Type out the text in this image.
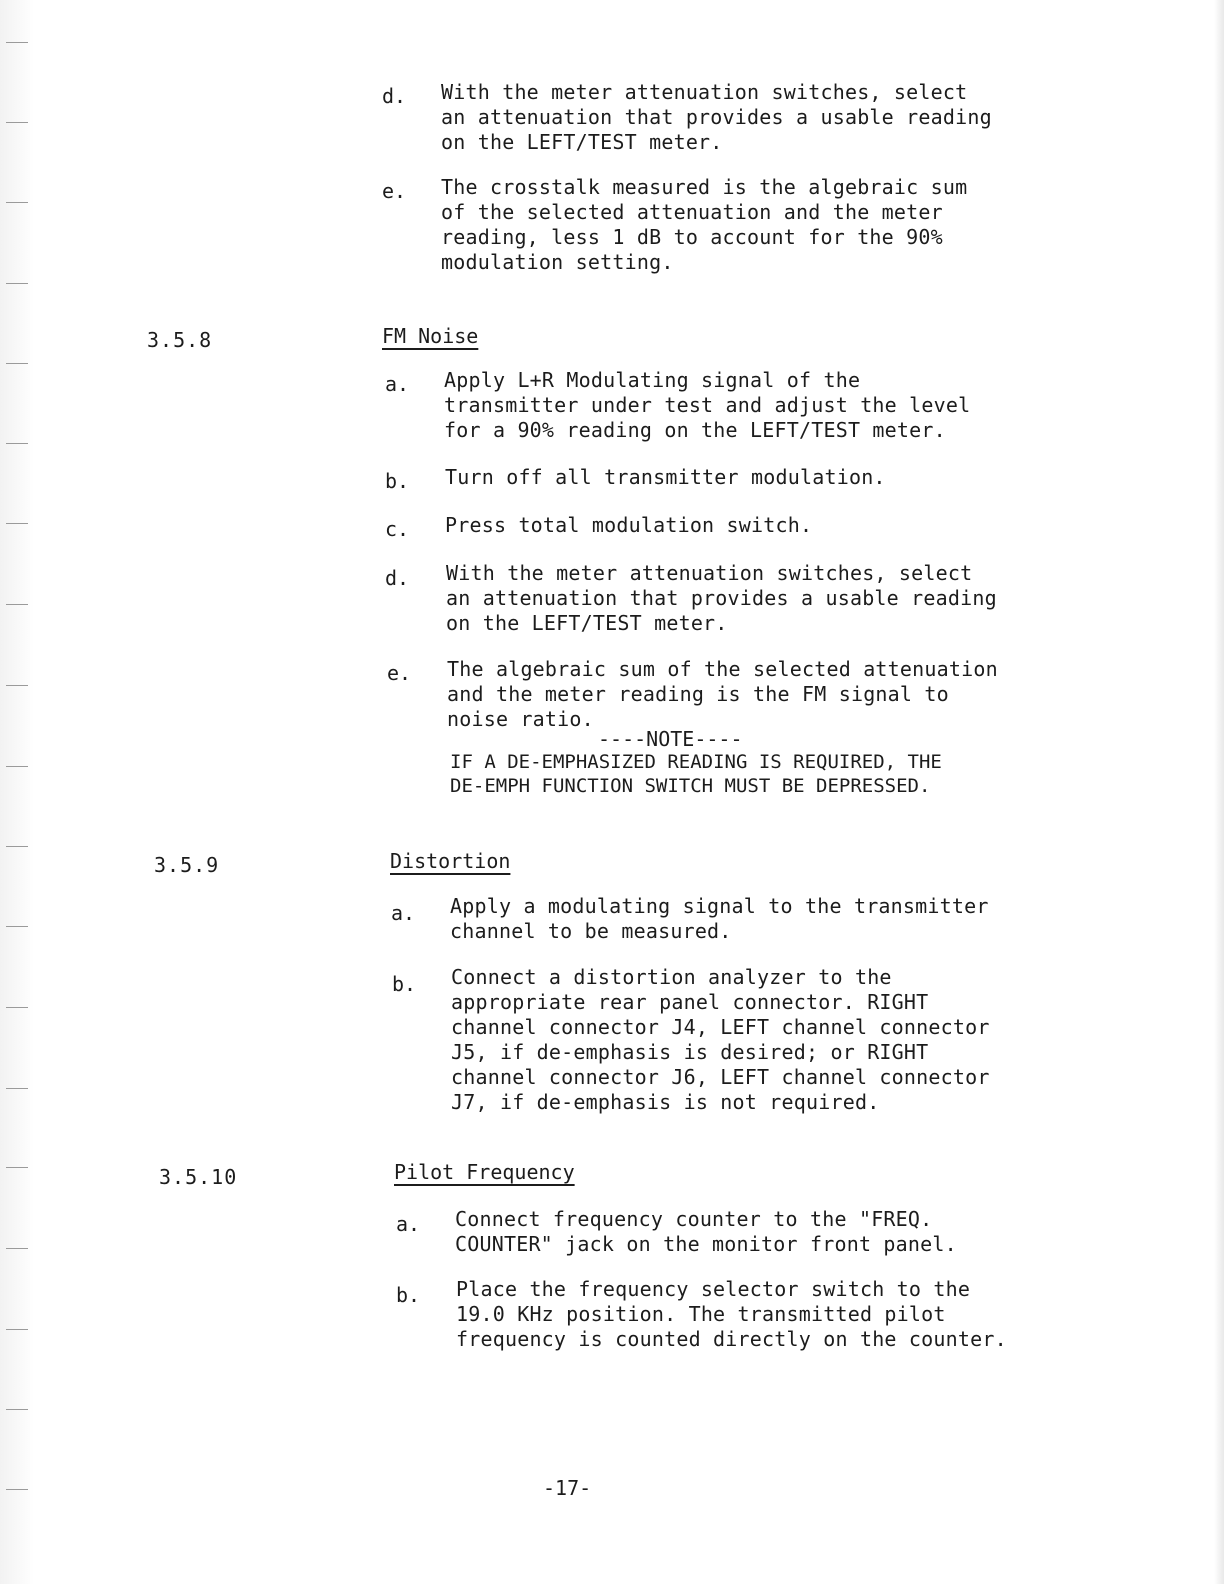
d. With the meter attenuation switches, select an attenuation that provides a usable reading on the LEFT/TEST meter.
e. The crosstalk measured is the algebraic sum of the selected attenuation and the meter reading, less 1 dB to account for the 90% modulation setting.
3.5.8	FM Noise
a. Apply L+R Modulating signal of the transmitter under test and adjust the level for a 90% reading on the LEFT/TEST meter.
b. Turn off all transmitter modulation.
c. Press total modulation switch.
d. With the meter attenuation switches, select an attenuation that provides a usable reading on the LEFT/TEST meter.
e. The algebraic sum of the selected attenuation and the meter reading is the FM signal to noise ratio.
----NOTE----
IF A DE-EMPHASIZED READING IS REQUIRED, THE DE-EMPH FUNCTION SWITCH MUST BE DEPRESSED.
3.5.9	Distortion
a. Apply a modulating signal to the transmitter channel to be measured.
b. Connect a distortion analyzer to the appropriate rear panel connector. RIGHT channel connector J4, LEFT channel connector J5, if de-emphasis is desired; or RIGHT channel connector J6, LEFT channel connector J7, if de-emphasis is not required.
3.5.10	Pilot Frequency
a. Connect frequency counter to the "FREQ. COUNTER" jack on the monitor front panel.
b. Place the frequency selector switch to the 19.0 KHz position. The transmitted pilot frequency is counted directly on the counter.
-17-
